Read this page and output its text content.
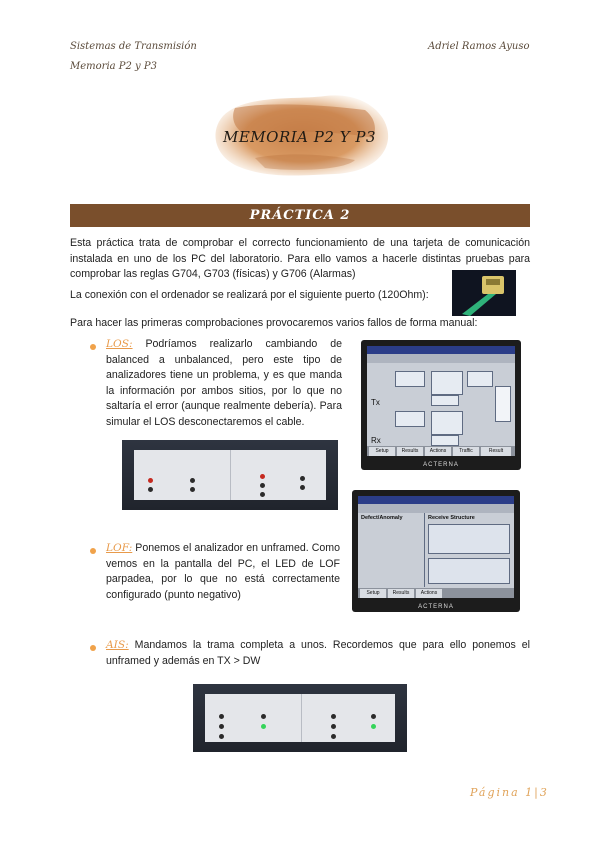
Sistemas de Transmisión
Memoria P2 y P3
Adriel Ramos Ayuso
MEMORIA P2 Y P3
PRÁCTICA 2
Esta práctica trata de comprobar el correcto funcionamiento de una tarjeta de comunicación instalada en uno de los PC del laboratorio. Para ello vamos a hacerle distintas pruebas para comprobar las reglas G704, G703 (físicas) y G706 (Alarmas)
La conexión con el ordenador se realizará por el siguiente puerto (120Ohm):
Para hacer las primeras comprobaciones provocaremos varios fallos de forma manual:
LOS: Podríamos realizarlo cambiando de balanced a unbalanced, pero este tipo de analizadores tiene un problema, y es que manda la información por ambos sitios, por lo que no saltaría el error (aunque realmente debería). Para simular el LOS desconectaremos el cable.
Tx
Rx
Setup	Results	Actions	Traffic	Result
ACTERNA
Defect/Anomaly	Receive Structure
Setup	Results	Actions
ACTERNA
LOF: Ponemos el analizador en unframed. Como vemos en la pantalla del PC, el LED de LOF parpadea, por lo que no está correctamente configurado (punto negativo)
AIS: Mandamos la trama completa a unos. Recordemos que para ello ponemos el unframed y además en TX > DW
Página 1|3
